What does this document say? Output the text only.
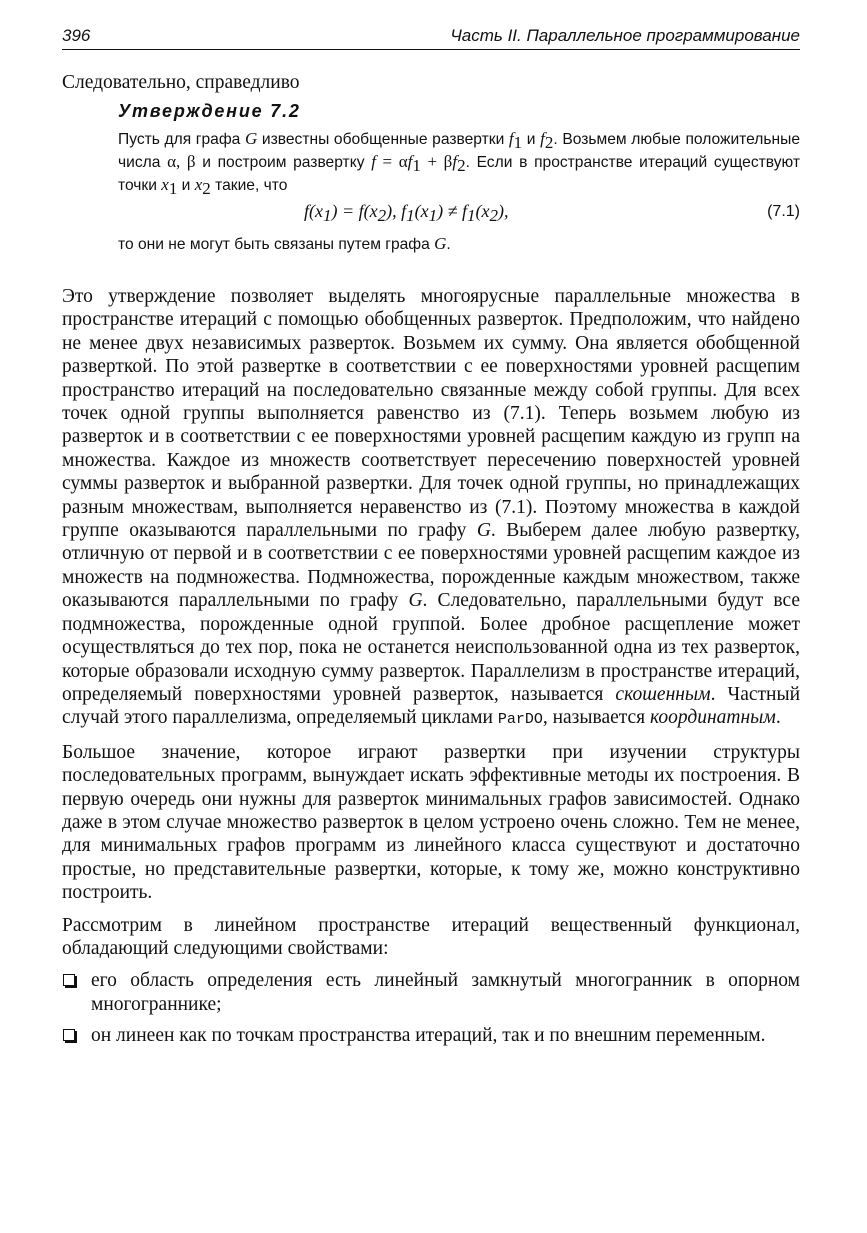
396	Часть II. Параллельное программирование

Следовательно, справедливо

Утверждение 7.2

Пусть для графа G известны обобщенные развертки $f_1$ и $f_2$. Возьмем любые положительные числа α, β и построим развертку $f = \alpha f_1 + \beta f_2$. Если в пространстве итераций существуют точки $x_1$ и $x_2$ такие, что

$f(x_1) = f(x_2)$, $f_1(x_1) \ne f_1(x_2)$,	(7.1)

то они не могут быть связаны путем графа G.

Это утверждение позволяет выделять многоярусные параллельные множества в пространстве итераций с помощью обобщенных разверток. Предположим, что найдено не менее двух независимых разверток. Возьмем их сумму. Она является обобщенной разверткой. По этой развертке в соответствии с ее поверхностями уровней расщепим пространство итераций на последовательно связанные между собой группы. Для всех точек одной группы выполняется равенство из (7.1). Теперь возьмем любую из разверток и в соответствии с ее поверхностями уровней расщепим каждую из групп на множества. Каждое из множеств соответствует пересечению поверхностей уровней суммы разверток и выбранной развертки. Для точек одной группы, но принадлежащих разным множествам, выполняется неравенство из (7.1). Поэтому множества в каждой группе оказываются параллельными по графу G. Выберем далее любую развертку, отличную от первой и в соответствии с ее поверхностями уровней расщепим каждое из множеств на подмножества. Подмножества, порожденные каждым множеством, также оказываются параллельными по графу G. Следовательно, параллельными будут все подмножества, порожденные одной группой. Более дробное расщепление может осуществляться до тех пор, пока не останется неиспользованной одна из тех разверток, которые образовали исходную сумму разверток. Параллелизм в пространстве итераций, определяемый поверхностями уровней разверток, называется скошенным. Частный случай этого параллелизма, определяемый циклами ParDO, называется координатным.

Большое значение, которое играют развертки при изучении структуры последовательных программ, вынуждает искать эффективные методы их построения. В первую очередь они нужны для разверток минимальных графов зависимостей. Однако даже в этом случае множество разверток в целом устроено очень сложно. Тем не менее, для минимальных графов программ из линейного класса существуют и достаточно простые, но представительные развертки, которые, к тому же, можно конструктивно построить.

Рассмотрим в линейном пространстве итераций вещественный функционал, обладающий следующими свойствами:

его область определения есть линейный замкнутый многогранник в опорном многограннике;
он линеен как по точкам пространства итераций, так и по внешним переменным.
